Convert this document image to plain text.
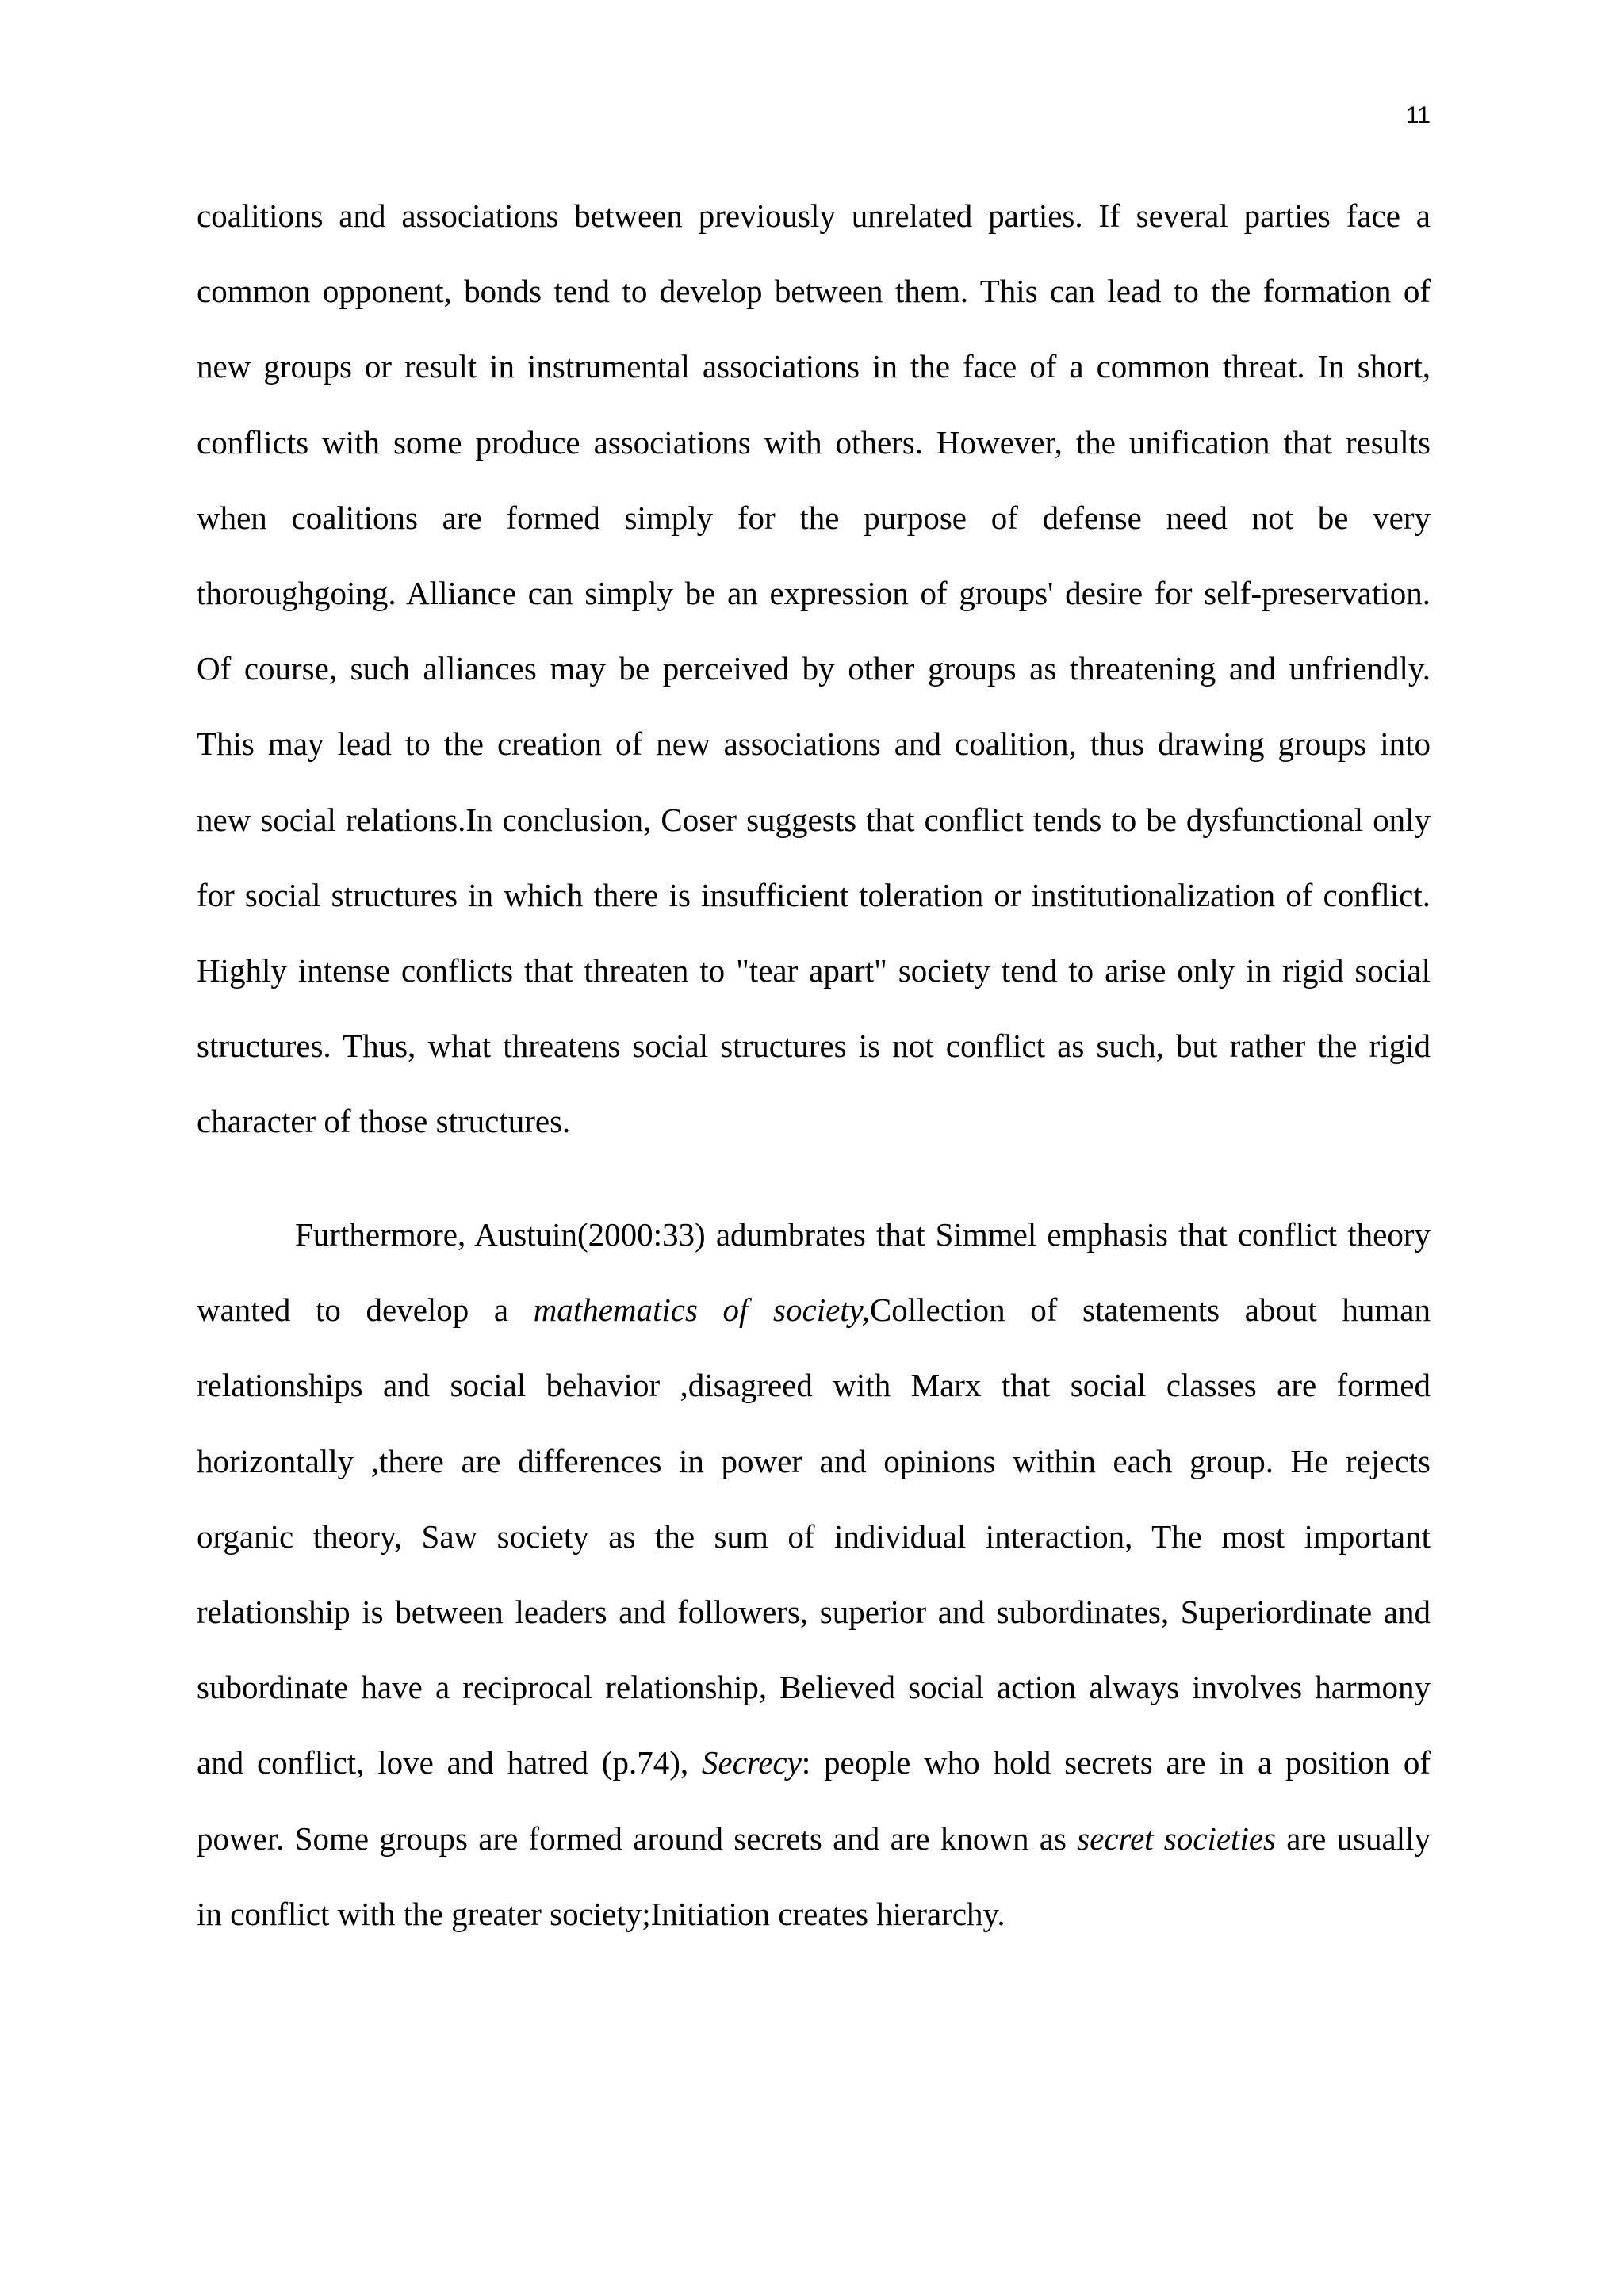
11
coalitions and associations between previously unrelated parties. If several parties face a
common opponent, bonds tend to develop between them. This can lead to the formation of
new groups or result in instrumental associations in the face of a common threat. In short,
conflicts with some produce associations with others. However, the unification that results
when coalitions are formed simply for the purpose of defense need not be very
thoroughgoing. Alliance can simply be an expression of groups' desire for self-preservation.
Of course, such alliances may be perceived by other groups as threatening and unfriendly.
This may lead to the creation of new associations and coalition, thus drawing groups into
new social relations.In conclusion, Coser suggests that conflict tends to be dysfunctional only
for social structures in which there is insufficient toleration or institutionalization of conflict.
Highly intense conflicts that threaten to "tear apart" society tend to arise only in rigid social
structures. Thus, what threatens social structures is not conflict as such, but rather the rigid
character of those structures.
Furthermore, Austuin(2000:33) adumbrates that Simmel emphasis that conflict theory
wanted to develop a mathematics of society,Collection of statements about human
relationships and social behavior ,disagreed with Marx that social classes are formed
horizontally ,there are differences in power and opinions within each group. He rejects
organic theory, Saw society as the sum of individual interaction, The most important
relationship is between leaders and followers, superior and subordinates, Superiordinate and
subordinate have a reciprocal relationship, Believed social action always involves harmony
and conflict, love and hatred (p.74), Secrecy: people who hold secrets are in a position of
power. Some groups are formed around secrets and are known as secret societies are usually
in conflict with the greater society;Initiation creates hierarchy.
